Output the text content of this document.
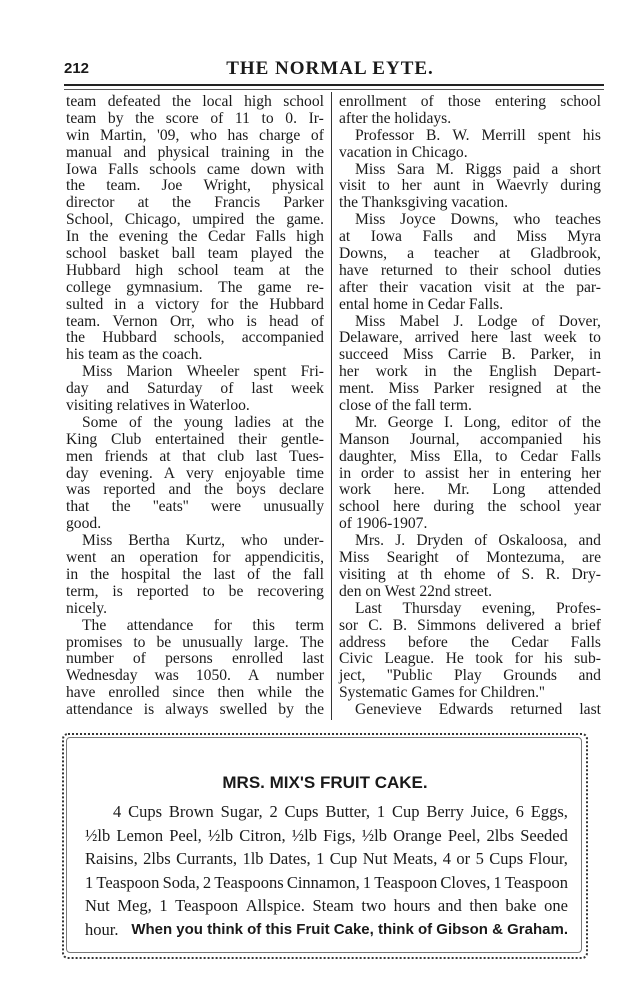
212	THE NORMAL EYTE.
team defeated the local high school
team by the score of 11 to 0. Ir-
win Martin, '09, who has charge of
manual and physical training in the
Iowa Falls schools came down with
the team. Joe Wright, physical
director at the Francis Parker
School, Chicago, umpired the game.
In the evening the Cedar Falls high
school basket ball team played the
Hubbard high school team at the
college gymnasium. The game re-
sulted in a victory for the Hubbard
team. Vernon Orr, who is head of
the Hubbard schools, accompanied
his team as the coach.
Miss Marion Wheeler spent Fri-
day and Saturday of last week
visiting relatives in Waterloo.
Some of the young ladies at the
King Club entertained their gentle-
men friends at that club last Tues-
day evening. A very enjoyable time
was reported and the boys declare
that the ''eats'' were unusually
good.
Miss Bertha Kurtz, who under-
went an operation for appendicitis,
in the hospital the last of the fall
term, is reported to be recovering
nicely.
The attendance for this term
promises to be unusually large. The
number of persons enrolled last
Wednesday was 1050. A number
have enrolled since then while the
attendance is always swelled by the
enrollment of those entering school
after the holidays.
Professor B. W. Merrill spent his
vacation in Chicago.
Miss Sara M. Riggs paid a short
visit to her aunt in Waevrly during
the Thanksgiving vacation.
Miss Joyce Downs, who teaches
at Iowa Falls and Miss Myra
Downs, a teacher at Gladbrook,
have returned to their school duties
after their vacation visit at the par-
ental home in Cedar Falls.
Miss Mabel J. Lodge of Dover,
Delaware, arrived here last week to
succeed Miss Carrie B. Parker, in
her work in the English Depart-
ment. Miss Parker resigned at the
close of the fall term.
Mr. George I. Long, editor of the
Manson Journal, accompanied his
daughter, Miss Ella, to Cedar Falls
in order to assist her in entering her
work here. Mr. Long attended
school here during the school year
of 1906-1907.
Mrs. J. Dryden of Oskaloosa, and
Miss Searight of Montezuma, are
visiting at th ehome of S. R. Dry-
den on West 22nd street.
Last Thursday evening, Profes-
sor C. B. Simmons delivered a brief
address before the Cedar Falls
Civic League. He took for his sub-
ject, ''Public Play Grounds and
Systematic Games for Children.''
Genevieve Edwards returned last
MRS. MIX'S FRUIT CAKE.
4 Cups Brown Sugar, 2 Cups Butter, 1 Cup Berry Juice, 6 Eggs,
½lb Lemon Peel, ½lb Citron, ½lb Figs, ½lb Orange Peel, 2lbs Seeded
Raisins, 2lbs Currants, 1lb Dates, 1 Cup Nut Meats, 4 or 5 Cups Flour,
1 Teaspoon Soda, 2 Teaspoons Cinnamon, 1 Teaspoon Cloves, 1 Teaspoon
Nut Meg, 1 Teaspoon Allspice. Steam two hours and then bake one
hour. When you think of this Fruit Cake, think of Gibson & Graham.
